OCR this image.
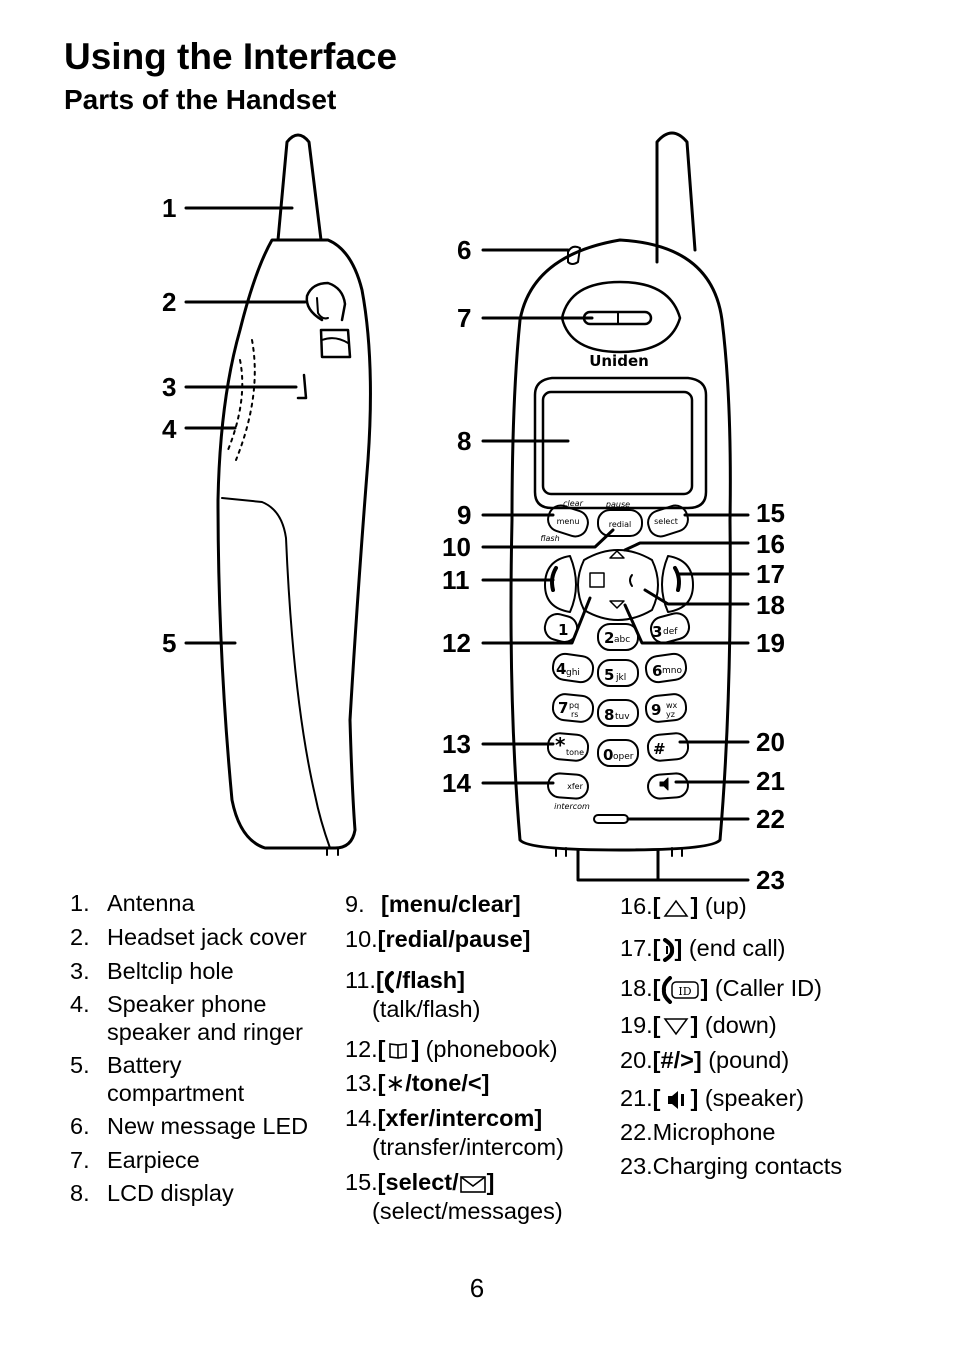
Using the Interface
Parts of the Handset
Uniden
clear	pause
menu	redial	select
flash
intercom
xfer
1 2 abc 3 def
4 ghi 5 jkl 6 mno
7 pq
rs 8 tuv 9 wx
yz
* tone 0 oper #
1
2
3
4
5
6
7
8
9
10
11
12
13
14
15
16
17
18
19
20
21
22
23
1. Antenna
2. Headset jack cover
3. Beltclip hole
4. Speaker phone
speaker and ringer
5. Battery
compartment
6. New message LED
7. Earpiece
8. LCD display
9. [menu/clear]
10.[redial/pause]
11.[ /flash]
(talk/flash)
12.[ ] (phonebook)
13.[∗/tone/<]
14.[xfer/intercom]
(transfer/intercom)
15.[select/ ]
(select/messages)
16.[ ] (up)
17.[ ] (end call)
18.[ ID ] (Caller ID)
19.[ ] (down)
20.[#/>] (pound)
21.[ ] (speaker)
22.Microphone
23.Charging contacts
6
